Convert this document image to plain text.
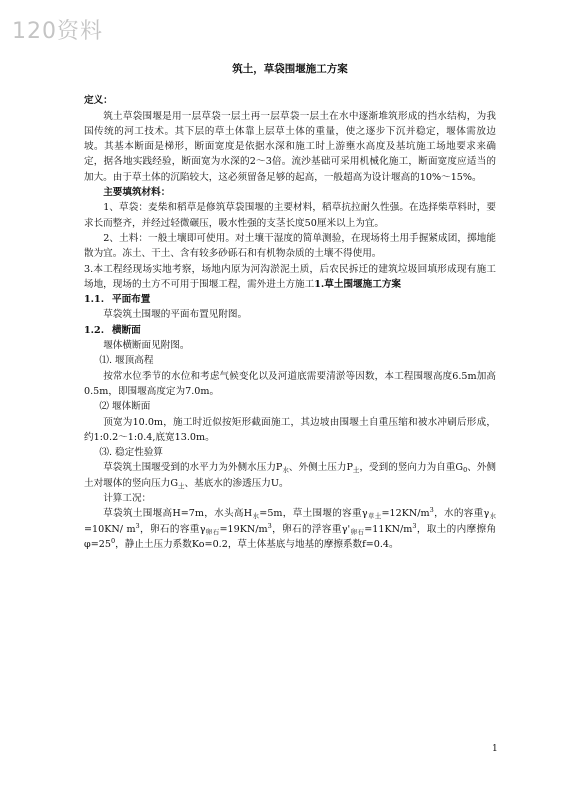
120资料
筑土，草袋围堰施工方案

定义：

筑土草袋围堰是用一层草袋一层土再一层草袋一层土在水中逐渐堆筑形成的挡水结构，为我国传统的河工技术。其下层的草土体靠上层草土体的重量，使之逐步下沉并稳定，堰体需放边坡。其基本断面是梯形，断面宽度是依据水深和施工时上游壅水高度及基坑施工场地要求来确定，据各地实践经验，断面宽为水深的2～3倍。流沙基础可采用机械化施工，断面宽度应适当的加大。由于草土体的沉陷较大，这必须留备足够的起高，一般超高为设计堰高的10%～15%。

主要填筑材料：

1、草袋：麦柴和稻草是修筑草袋围堰的主要材料，稻草抗拉耐久性强。在选择柴草料时，要求长而整齐，并经过轻微碾压，吸水性强的支茎长度50厘米以上为宜。

2、土料：一般土壤即可使用。对土壤干湿度的简单测验，在现场将土用手握紧成团，掷地能散为宜。冻土、干土、含有较多砂砾石和有机物杂质的土壤不得使用。

3.本工程经现场实地考察，场地内原为河沟淤泥土质，后农民拆迁的建筑垃圾回填形成现有施工场地，现场的土方不可用于围堰工程，需外进土方施工1.草土围堰施工方案

1.1. 平面布置

草袋筑土围堰的平面布置见附图。

1.2. 横断面

堰体横断面见附图。

⑴. 堰顶高程

按常水位季节的水位和考虑气候变化以及河道底需要清淤等因数，本工程围堰高度6.5m加高0.5m，即围堰高度定为7.0m。

⑵ 堰体断面

顶宽为10.0m，施工时近似按矩形截面施工，其边坡由围堰土自重压缩和被水冲刷后形成，约1:0.2～1:0.4,底宽13.0m。

⑶. 稳定性验算

草袋筑土围堰受到的水平力为外侧水压力$P_水$、外侧土压力$P_土$，受到的竖向力为自重$G_0$、外侧土对堰体的竖向压力$G_土$、基底水的渗透压力U。

计算工况：

草袋筑土围堰高H=7m，水头高$H_水=5m$，草土围堰的容重$\gamma_{草土}=12KN/m^3$，水的容重$\gamma_水=10KN/$ $m^3$，卵石的容重$\gamma_{卵石}=19KN/m^3$，卵石的浮容重$\gamma'_{卵石}=11KN/m^3$，取土的内摩擦角$\varphi=25^0$，静止土压力系数Ko=0.2，草土体基底与地基的摩擦系数f=0.4。

1
